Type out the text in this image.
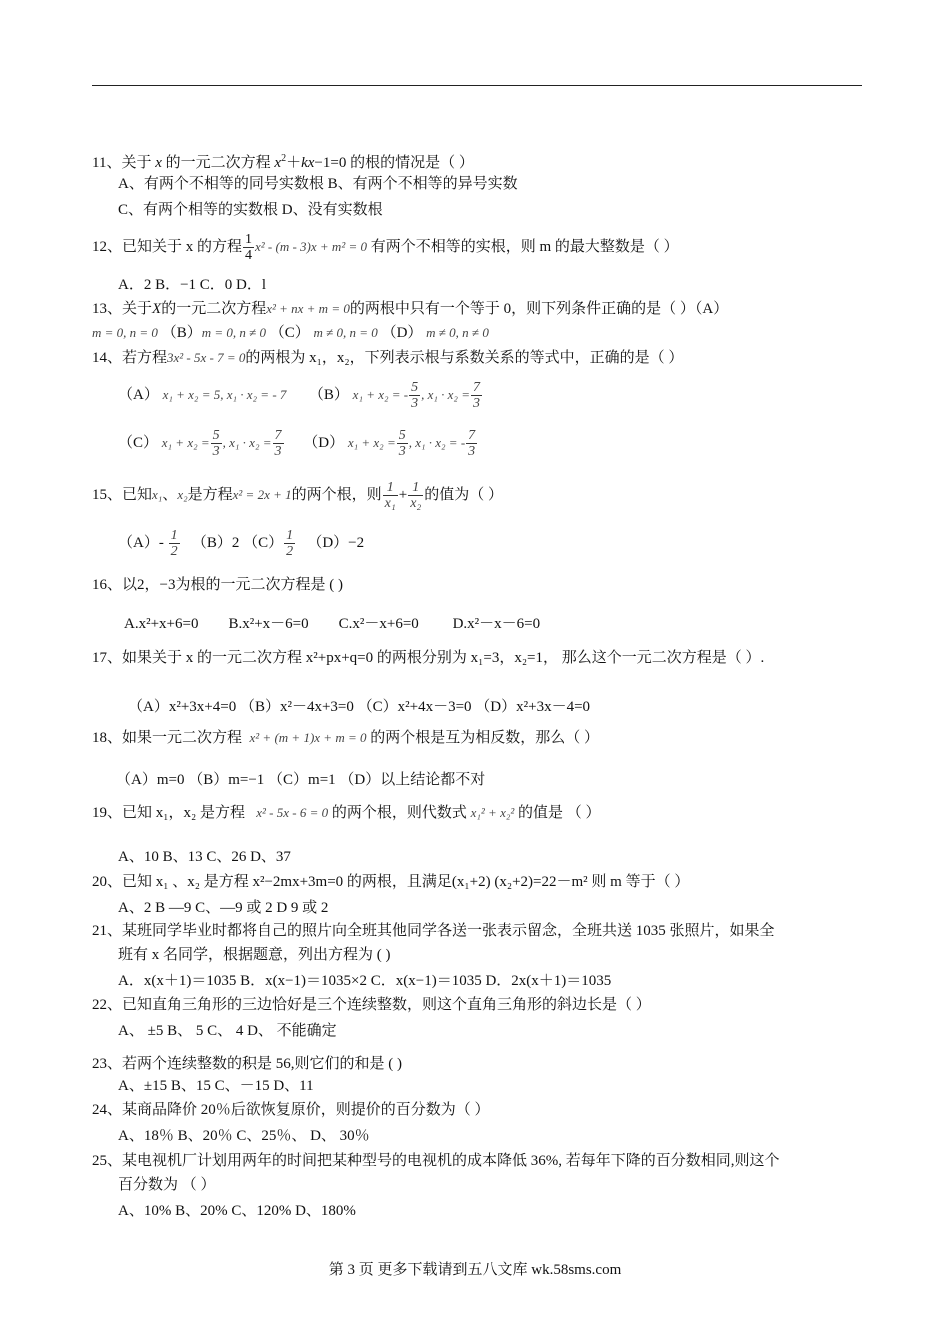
11、关于 x 的一元二次方程 $x^2+kx-1=0$ 的根的情况是（ ）
A、有两个不相等的同号实数根 B、有两个不相等的异号实数
C、有两个相等的实数根 D、没有实数根
12、已知关于 x 的方程 $\frac{1}{4} x^2 - (m - 3)x + m^2 = 0$ 有两个不相等的实根，则 m 的最大整数是（ ）
A．2 B．−1 C．0 D．l
13、关于X的一元二次方程x² + nx + m = 0的两根中只有一个等于 0，则下列条件正确的是（ ）（A）
m = 0, n = 0 （B）m = 0, n ≠ 0 （C） m ≠ 0, n = 0 （D） m ≠ 0, n ≠ 0
14、若方程3x² - 5x - 7 = 0的两根为 x₁，x₂，下列表示根与系数关系的等式中，正确的是（ ）
（A） x₁ + x₂ = 5, x₁ · x₂ = - 7 （B） x₁ + x₂ = - $\frac{5}{3}$ , $x_1 \cdot x_2 = \frac{7}{3}$
（C） $x_1 + x_2 = \frac{5}{3}$ , $x_1 \cdot x_2 = \frac{7}{3} (D) x_1 + x_2 = \frac{5}{3}$ , x₁ · x₂ = - $\frac{7}{3}$
15、已知x₁、x₂是方程x² = 2x + 1的两个根，则 $\frac{1}{\text{x₁}} + \frac{1}{\text{x₂}}$ 的值为（ ）
$(A)- \frac{1}{2} (B)2$ $(C) \frac{1}{2} (D)-2$
16、以2，−3为根的一元二次方程是 ( )
A.x²+x+6=0 B.x²+x－6=0 C.x²－x+6=0 D.x²－x－6=0
17、如果关于 x 的一元二次方程 x²+px+q=0 的两根分别为 x₁=3，x₂=1， 那么这个一元二次方程是（ ）.
（A）x²+3x+4=0 （B）x²－4x+3=0 （C）x²+4x－3=0 （D）x²+3x－4=0
18、如果一元二次方程 x² + (m + 1)x + m = 0 的两个根是互为相反数，那么（ ）
（A）m=0 （B）m=−1 （C）m=1 （D）以上结论都不对
19、已知 x₁，x₂ 是方程 x² - 5x - 6 = 0 的两个根，则代数式 x₁² + x₂² 的值是 （ ）
A、10 B、13 C、26 D、37
20、已知 x₁ 、x₂ 是方程 x²−2mx+3m=0 的两根，且满足(x₁+2) (x₂+2)=22－m² 则 m 等于（ ）
A、2 B —9 C、—9 或 2 D 9 或 2
21、某班同学毕业时都将自己的照片向全班其他同学各送一张表示留念，全班共送 1035 张照片，如果全
班有 x 名同学，根据题意，列出方程为 ( )
A．x(x＋1)＝1035 B．x(x−1)＝1035×2 C．x(x−1)＝1035 D．2x(x＋1)＝1035
22、已知直角三角形的三边恰好是三个连续整数，则这个直角三角形的斜边长是（ ）
A、 ±5 B、 5 C、 4 D、 不能确定
23、若两个连续整数的积是 56,则它们的和是 ( )
A、±15 B、15 C、－15 D、11
24、某商品降价 20％后欲恢复原价，则提价的百分数为（ ）
A、18％ B、20％ C、25％、 D、 30％
25、某电视机厂计划用两年的时间把某种型号的电视机的成本降低 36%, 若每年下降的百分数相同,则这个
百分数为 （ ）
A、10% B、20% C、120% D、180%
第 3 页 更多下载请到五八文库 wk.58sms.com
